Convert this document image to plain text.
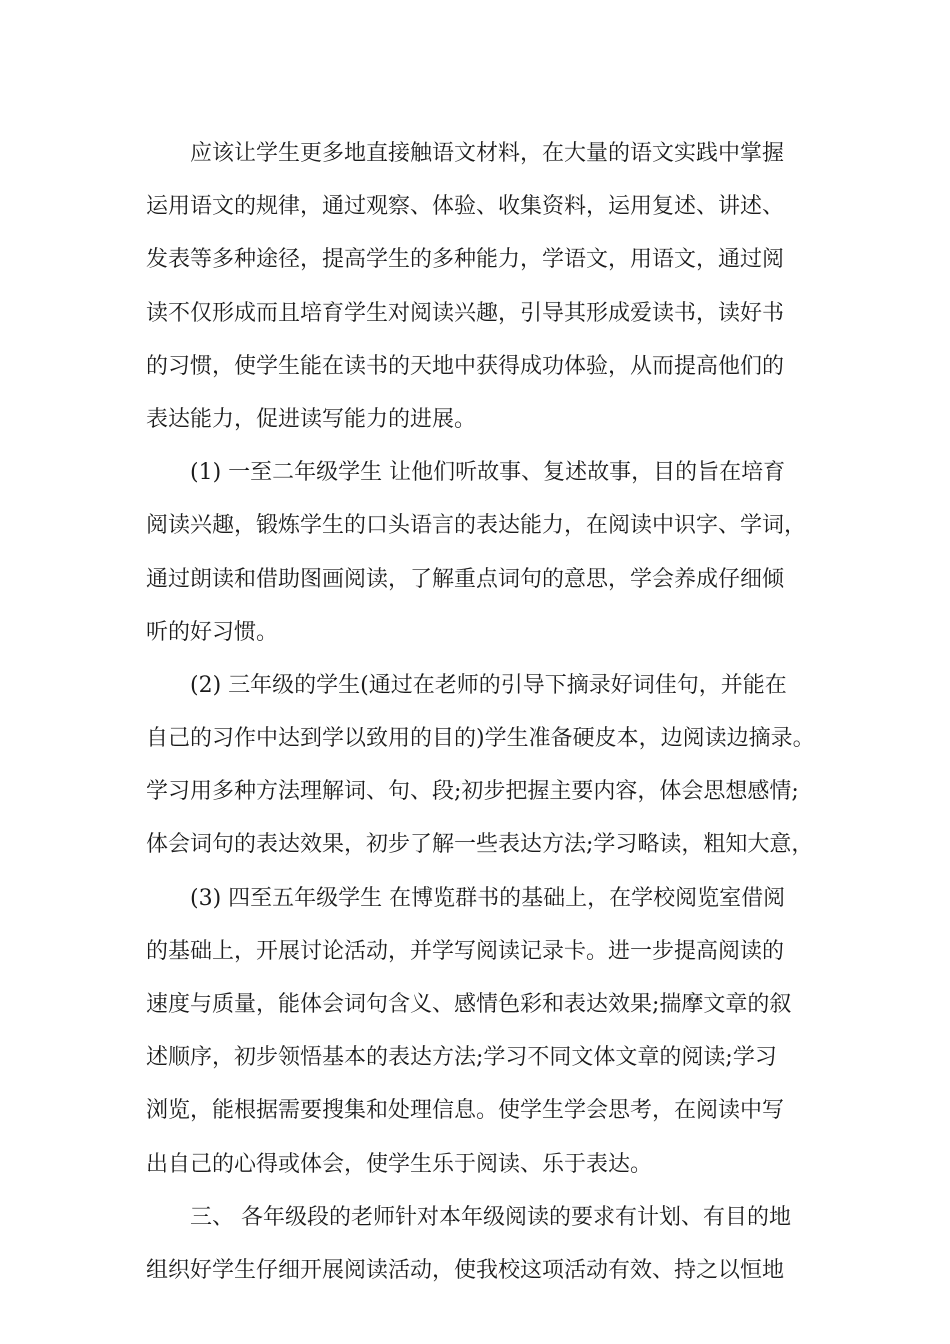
应该让学生更多地直接触语文材料，在大量的语文实践中掌握
运用语文的规律，通过观察、体验、收集资料，运用复述、讲述、
发表等多种途径，提高学生的多种能力，学语文，用语文，通过阅
读不仅形成而且培育学生对阅读兴趣，引导其形成爱读书，读好书
的习惯，使学生能在读书的天地中获得成功体验，从而提高他们的
表达能力，促进读写能力的进展。
(1) 一至二年级学生 让他们听故事、复述故事，目的旨在培育
阅读兴趣，锻炼学生的口头语言的表达能力，在阅读中识字、学词，
通过朗读和借助图画阅读，了解重点词句的意思，学会养成仔细倾
听的好习惯。
(2) 三年级的学生(通过在老师的引导下摘录好词佳句，并能在
自己的习作中达到学以致用的目的)学生准备硬皮本，边阅读边摘录。
学习用多种方法理解词、句、段;初步把握主要内容，体会思想感情;
体会词句的表达效果，初步了解一些表达方法;学习略读，粗知大意，
(3) 四至五年级学生 在博览群书的基础上，在学校阅览室借阅
的基础上，开展讨论活动，并学写阅读记录卡。进一步提高阅读的
速度与质量，能体会词句含义、感情色彩和表达效果;揣摩文章的叙
述顺序，初步领悟基本的表达方法;学习不同文体文章的阅读;学习
浏览，能根据需要搜集和处理信息。使学生学会思考，在阅读中写
出自己的心得或体会，使学生乐于阅读、乐于表达。
三、 各年级段的老师针对本年级阅读的要求有计划、有目的地
组织好学生仔细开展阅读活动，使我校这项活动有效、持之以恒地
